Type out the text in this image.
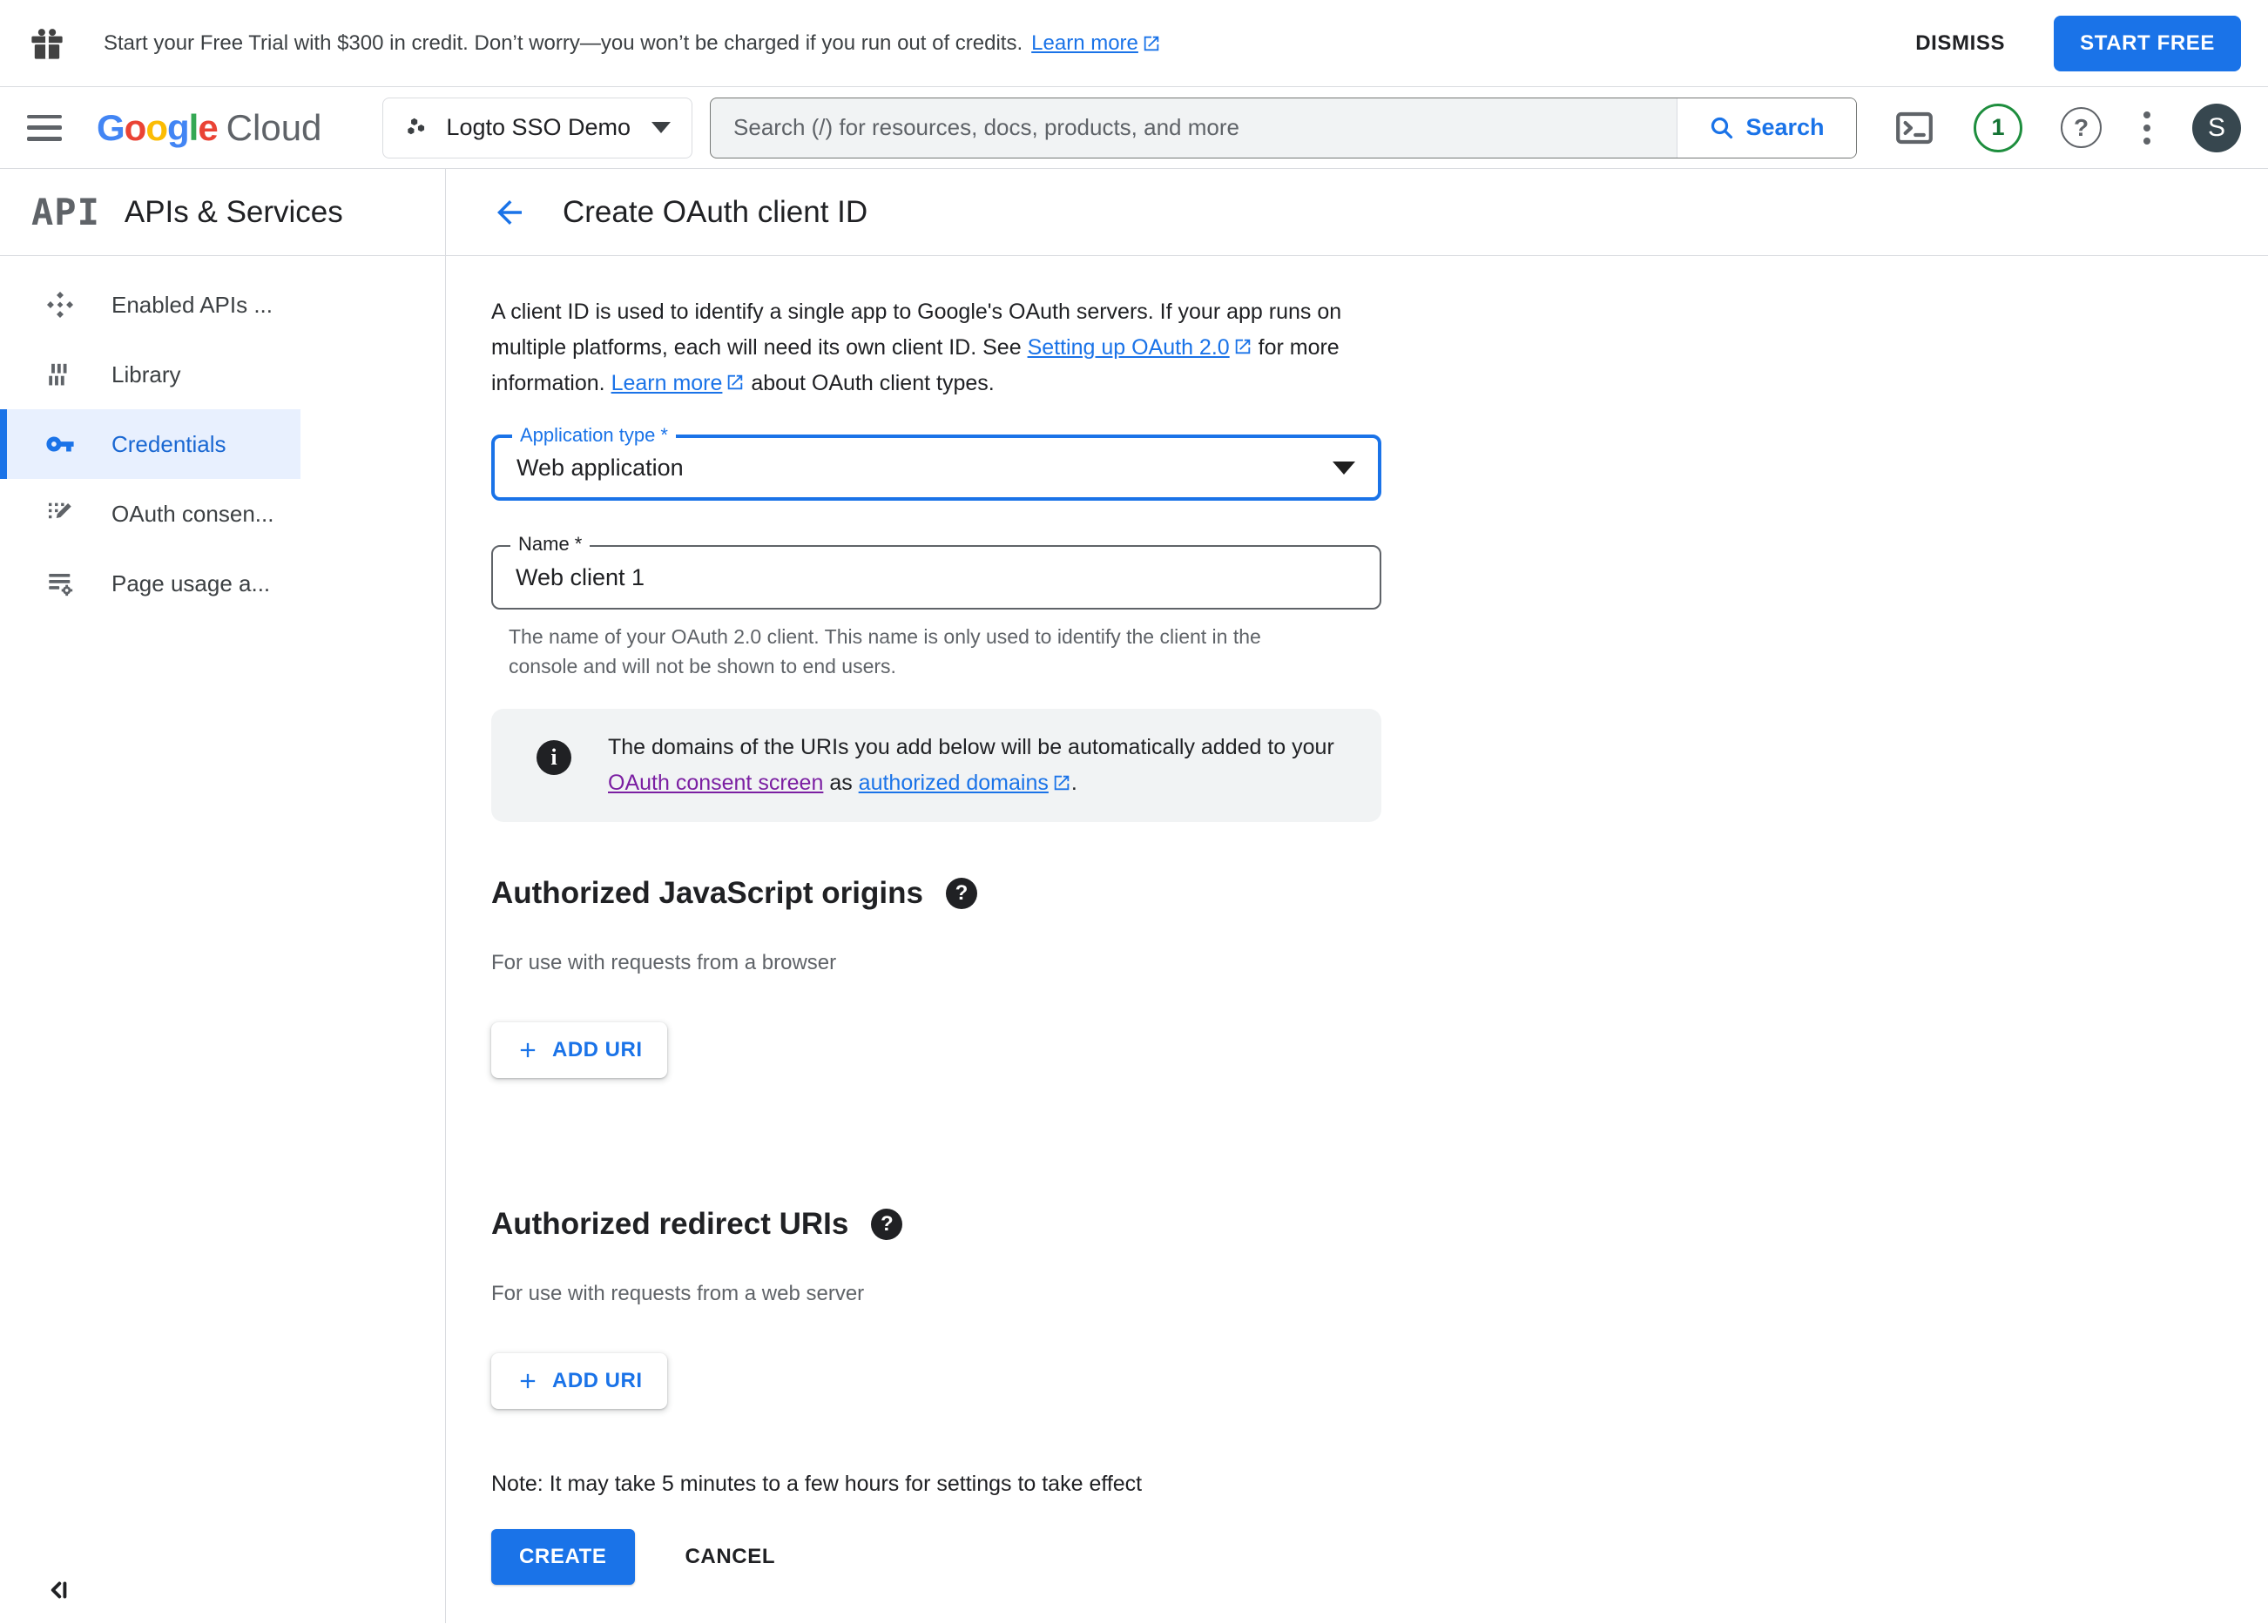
Start your Free Trial with $300 in credit. Don’t worry—you won’t be charged if you run out of credits. Learn more	DISMISS	START FREE
Google Cloud	Logto SSO Demo
Search (/) for resources, docs, products, and more	Search	1	?	S
API APIs & Services
Enabled APIs ...
Library
Credentials
OAuth consen...
Page usage a...
Create OAuth client ID

A client ID is used to identify a single app to Google's OAuth servers. If your app runs on multiple platforms, each will need its own client ID. See Setting up OAuth 2.0 for more information. Learn more about OAuth client types.

Application type *
Web application
Name *
Web client 1

The name of your OAuth 2.0 client. This name is only used to identify the client in the console and will not be shown to end users.

i	The domains of the URIs you add below will be automatically added to your OAuth consent screen as authorized domains .

Authorized JavaScript origins	?

For use with requests from a browser

ADD URI
Authorized redirect URIs	?

For use with requests from a web server

ADD URI

Note: It may take 5 minutes to a few hours for settings to take effect

CREATE	CANCEL
